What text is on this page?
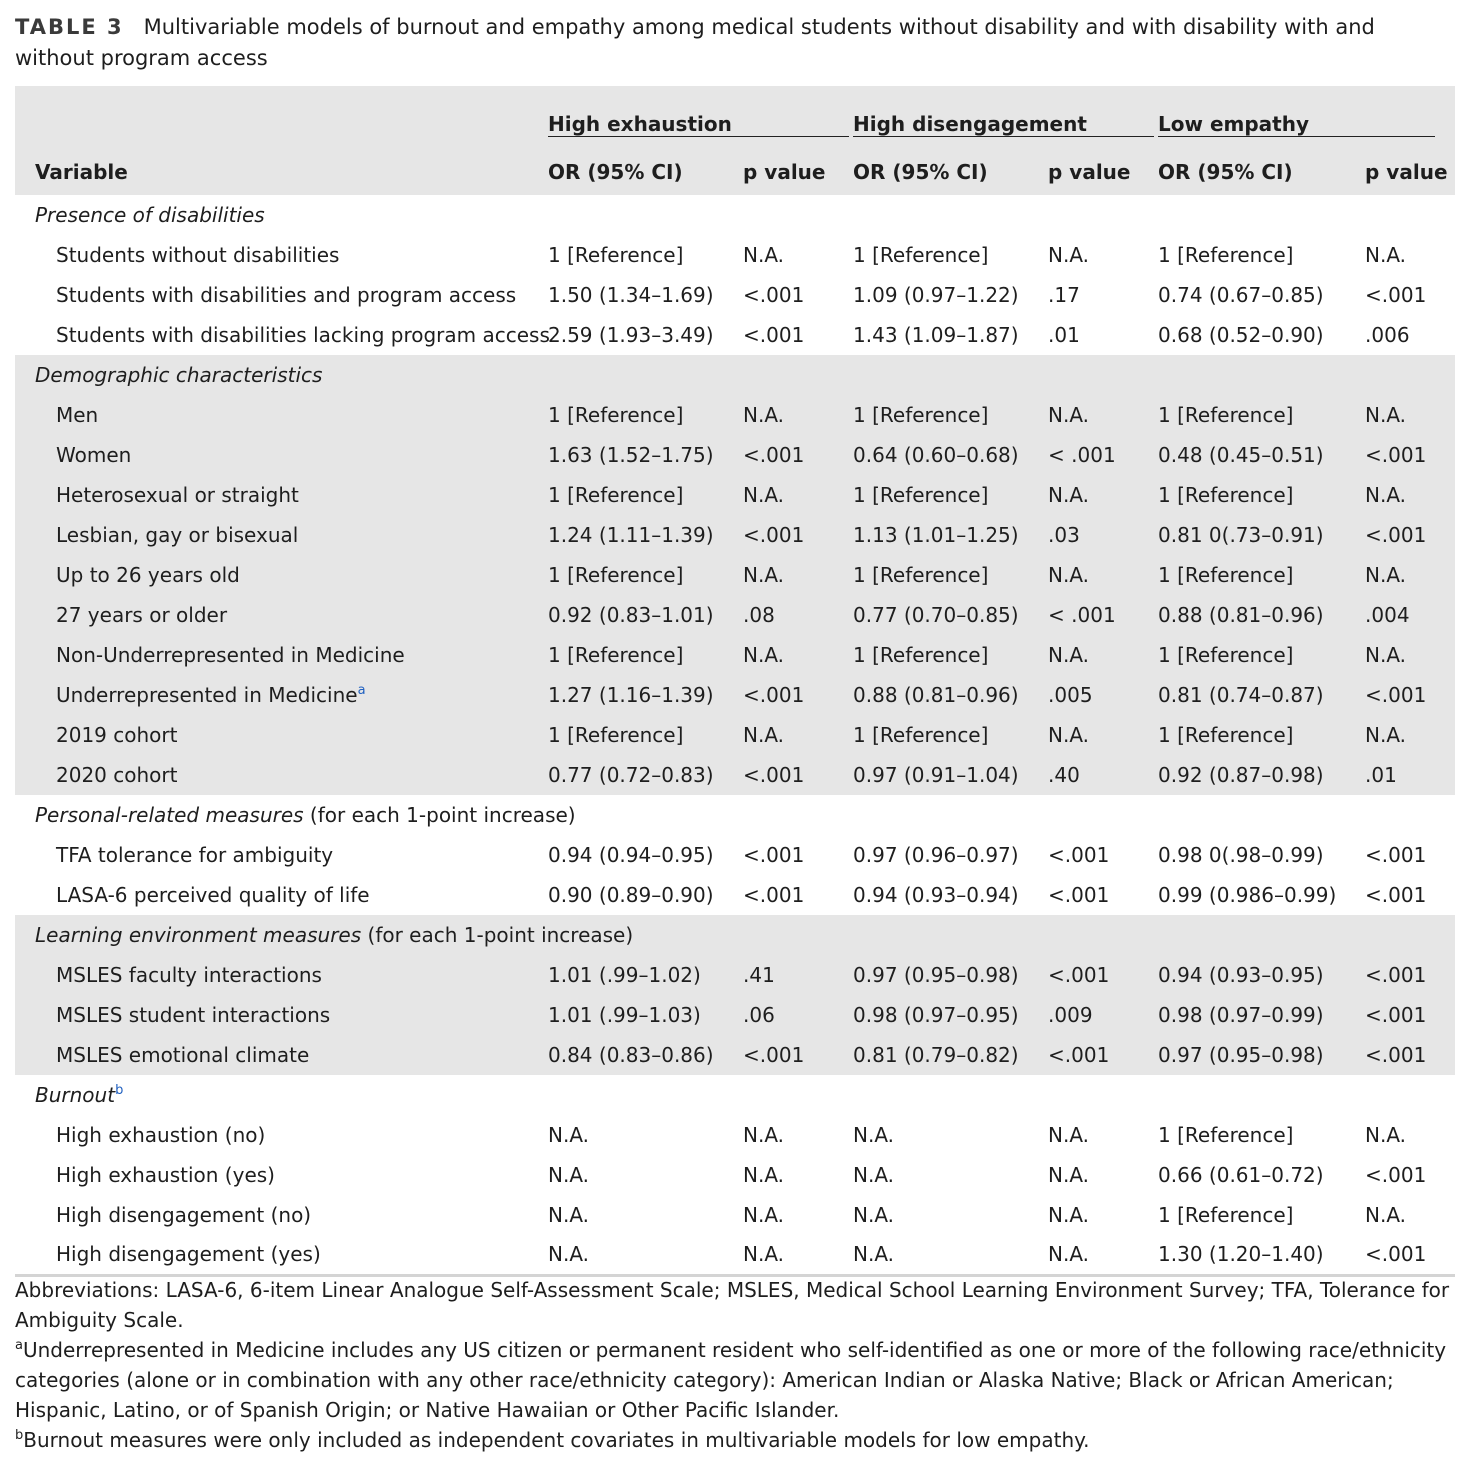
TABLE 3 Multivariable models of burnout and empathy among medical students without disability and with disability with and without program access

	High exhaustion		High disengagement		Low empathy	

Variable	OR (95% CI)	p value	OR (95% CI)	p value	OR (95% CI)	p value
Presence of disabilities						
Students without disabilities	1 [Reference]	N.A.	1 [Reference]	N.A.	1 [Reference]	N.A.
Students with disabilities and program access	1.50 (1.34–1.69)	<.001	1.09 (0.97–1.22)	.17	0.74 (0.67–0.85)	<.001
Students with disabilities lacking program access	2.59 (1.93–3.49)	<.001	1.43 (1.09–1.87)	.01	0.68 (0.52–0.90)	.006
Demographic characteristics						
Men	1 [Reference]	N.A.	1 [Reference]	N.A.	1 [Reference]	N.A.
Women	1.63 (1.52–1.75)	<.001	0.64 (0.60–0.68)	< .001	0.48 (0.45–0.51)	<.001
Heterosexual or straight	1 [Reference]	N.A.	1 [Reference]	N.A.	1 [Reference]	N.A.
Lesbian, gay or bisexual	1.24 (1.11–1.39)	<.001	1.13 (1.01–1.25)	.03	0.81 0(.73–0.91)	<.001
Up to 26 years old	1 [Reference]	N.A.	1 [Reference]	N.A.	1 [Reference]	N.A.
27 years or older	0.92 (0.83–1.01)	.08	0.77 (0.70–0.85)	< .001	0.88 (0.81–0.96)	.004
Non-Underrepresented in Medicine	1 [Reference]	N.A.	1 [Reference]	N.A.	1 [Reference]	N.A.
Underrepresented in Medicine$^a$	1.27 (1.16–1.39)	<.001	0.88 (0.81–0.96)	.005	0.81 (0.74–0.87)	<.001
2019 cohort	1 [Reference]	N.A.	1 [Reference]	N.A.	1 [Reference]	N.A.
2020 cohort	0.77 (0.72–0.83)	<.001	0.97 (0.91–1.04)	.40	0.92 (0.87–0.98)	.01
Personal-related measures (for each 1-point increase)						
TFA tolerance for ambiguity	0.94 (0.94–0.95)	<.001	0.97 (0.96–0.97)	<.001	0.98 0(.98–0.99)	<.001
LASA-6 perceived quality of life	0.90 (0.89–0.90)	<.001	0.94 (0.93–0.94)	<.001	0.99 (0.986–0.99)	<.001
Learning environment measures (for each 1-point increase)						
MSLES faculty interactions	1.01 (.99–1.02)	.41	0.97 (0.95–0.98)	<.001	0.94 (0.93–0.95)	<.001
MSLES student interactions	1.01 (.99–1.03)	.06	0.98 (0.97–0.95)	.009	0.98 (0.97–0.99)	<.001
MSLES emotional climate	0.84 (0.83–0.86)	<.001	0.81 (0.79–0.82)	<.001	0.97 (0.95–0.98)	<.001
Burnout$^b$
High exhaustion (no)	N.A.	N.A.	N.A.	N.A.	1 [Reference]	N.A.
High exhaustion (yes)	N.A.	N.A.	N.A.	N.A.	0.66 (0.61–0.72)	<.001
High disengagement (no)	N.A.	N.A.	N.A.	N.A.	1 [Reference]	N.A.
High disengagement (yes)	N.A.	N.A.	N.A.	N.A.	1.30 (1.20–1.40)	<.001

Abbreviations: LASA-6, 6-item Linear Analogue Self-Assessment Scale; MSLES, Medical School Learning Environment Survey; TFA, Tolerance for Ambiguity Scale.

$^a$Underrepresented in Medicine includes any US citizen or permanent resident who self-identified as one or more of the following race/ethnicity categories (alone or in combination with any other race/ethnicity category): American Indian or Alaska Native; Black or African American; Hispanic, Latino, or of Spanish Origin; or Native Hawaiian or Other Pacific Islander.

$^b$Burnout measures were only included as independent covariates in multivariable models for low empathy.
